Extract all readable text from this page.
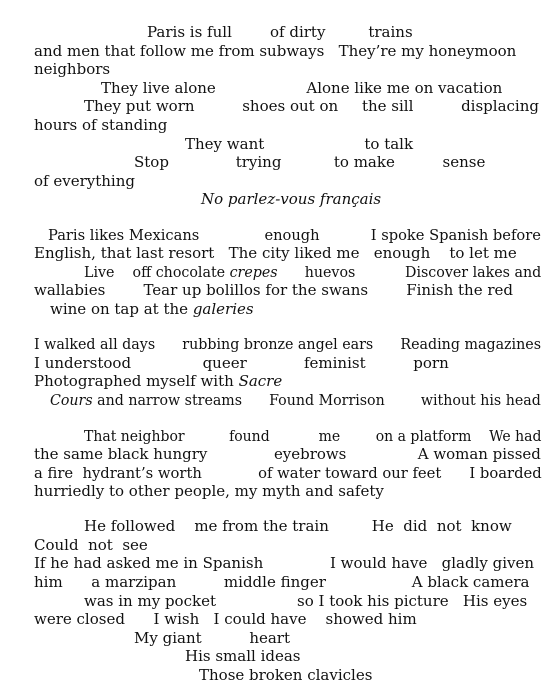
Paris is full        of dirty         trains
and men that follow me from subways   They’re my honeymoon
neighbors
They live alone                   Alone like me on vacation
They put worn          shoes out on     the sill          displacing
hours of standing
They want                     to talk
Stop              trying           to make          sense
of everything
No parlez-vous français
Paris likes Mexicans              enough           I spoke Spanish before
English, that last resort   The city liked me   enough    to let me
Live    off chocolate crepes      huevos           Discover lakes and
wallabies        Tear up bolillos for the swans        Finish the red
wine on tap at the galeries
I walked all days      rubbing bronze angel ears      Reading magazines
I understood               queer            feminist          porn
Photographed myself with Sacre
Cours and narrow streams      Found Morrison        without his head
That neighbor          found           me        on a platform    We had
the same black hungry              eyebrows               A woman pissed
a fire  hydrant’s worth            of water toward our feet      I boarded
hurriedly to other people, my myth and safety
He followed    me from the train         He  did  not  know
Could  not  see
If he had asked me in Spanish              I would have   gladly given
him      a marzipan          middle finger                  A black camera
was in my pocket                 so I took his picture   His eyes
were closed      I wish   I could have    showed him
My giant          heart
His small ideas
Those broken clavicles
